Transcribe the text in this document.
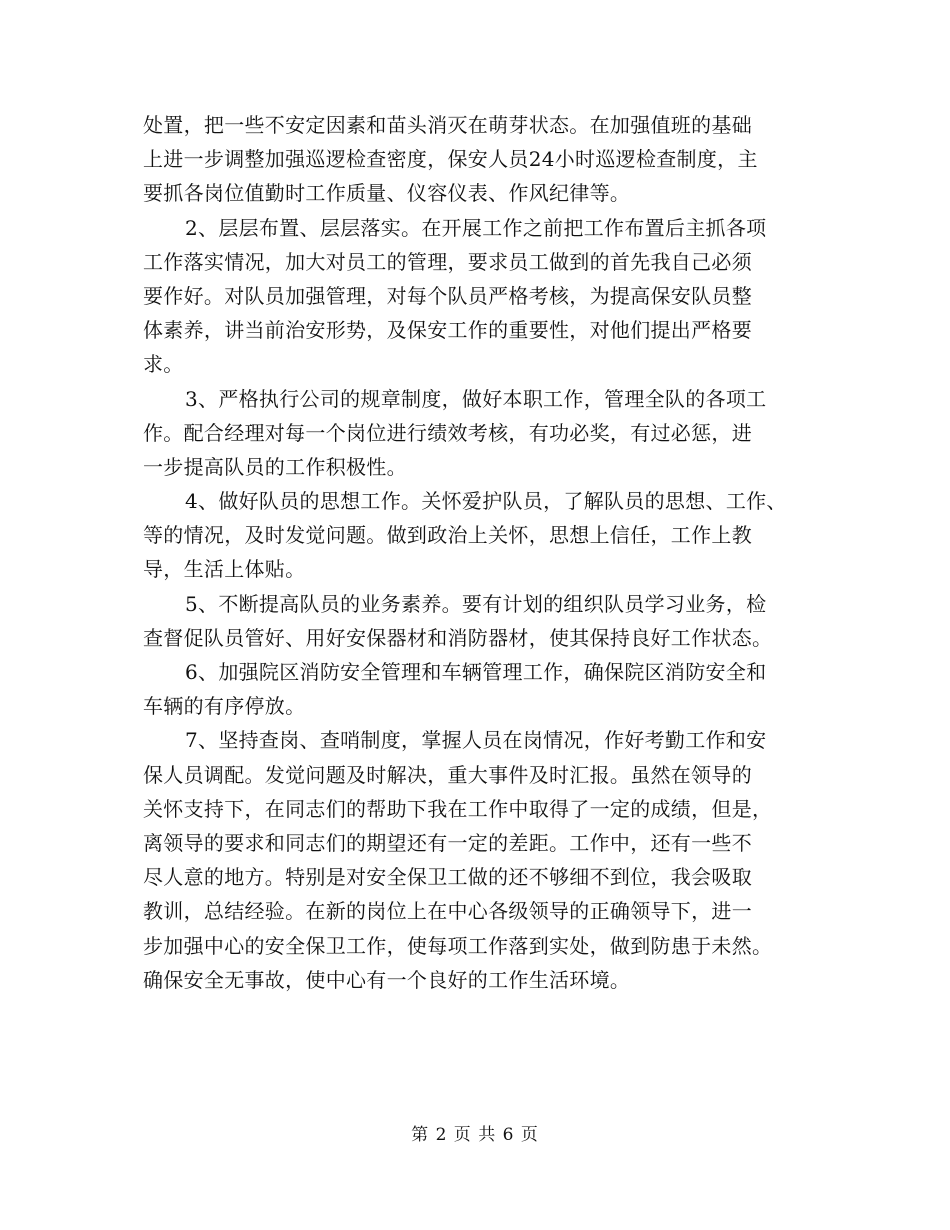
处置，把一些不安定因素和苗头消灭在萌芽状态。在加强值班的基础
上进一步调整加强巡逻检查密度，保安人员24小时巡逻检查制度，主
要抓各岗位值勤时工作质量、仪容仪表、作风纪律等。
2、层层布置、层层落实。在开展工作之前把工作布置后主抓各项
工作落实情况，加大对员工的管理，要求员工做到的首先我自己必须
要作好。对队员加强管理，对每个队员严格考核，为提高保安队员整
体素养，讲当前治安形势，及保安工作的重要性，对他们提出严格要
求。
3、严格执行公司的规章制度，做好本职工作，管理全队的各项工
作。配合经理对每一个岗位进行绩效考核，有功必奖，有过必惩，进
一步提高队员的工作积极性。
4、做好队员的思想工作。关怀爱护队员，了解队员的思想、工作、
等的情况，及时发觉问题。做到政治上关怀，思想上信任，工作上教
导，生活上体贴。
5、不断提高队员的业务素养。要有计划的组织队员学习业务，检
查督促队员管好、用好安保器材和消防器材，使其保持良好工作状态。
6、加强院区消防安全管理和车辆管理工作，确保院区消防安全和
车辆的有序停放。
7、坚持查岗、查哨制度，掌握人员在岗情况，作好考勤工作和安
保人员调配。发觉问题及时解决，重大事件及时汇报。虽然在领导的
关怀支持下，在同志们的帮助下我在工作中取得了一定的成绩，但是，
离领导的要求和同志们的期望还有一定的差距。工作中，还有一些不
尽人意的地方。特别是对安全保卫工做的还不够细不到位，我会吸取
教训，总结经验。在新的岗位上在中心各级领导的正确领导下，进一
步加强中心的安全保卫工作，使每项工作落到实处，做到防患于未然。
确保安全无事故，使中心有一个良好的工作生活环境。
第 2 页 共 6 页
